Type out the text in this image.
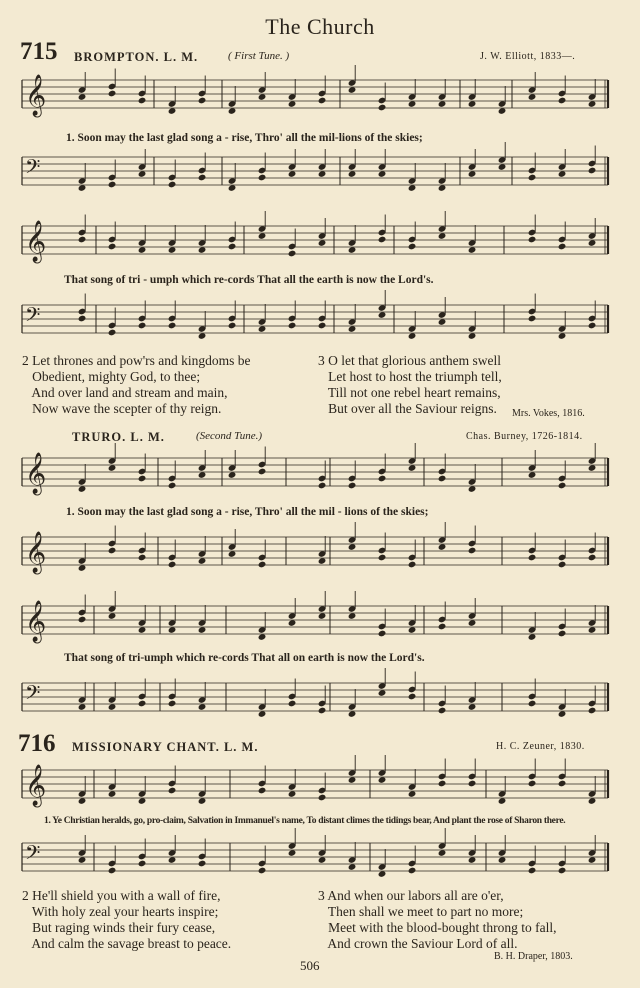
The Church
715 BROMPTON. L. M.	( First Tune. )	J. W. Elliott, 1833—.
𝄞
𝄢
𝄞
𝄢
𝄞
𝄞
𝄞
𝄢
𝄞
𝄢
1. Soon may the last glad song a - rise, Thro' all the mil-lions of the skies;
That song of tri - umph which re-cords That all the earth is now the Lord's.
2 Let thrones and pow'rs and kingdoms be
Obedient, mighty God, to thee;
And over land and stream and main,
Now wave the scepter of thy reign.
3 O let that glorious anthem swell
Let host to host the triumph tell,
Till not one rebel heart remains,
But over all the Saviour reigns.	Mrs. Vokes, 1816.
TRURO. L. M.	(Second Tune.)	Chas. Burney, 1726-1814.
1. Soon may the last glad song a - rise, Thro' all the mil - lions of the skies;
That song of tri-umph which re-cords That all on earth is now the Lord's.
716 MISSIONARY CHANT. L. M.	H. C. Zeuner, 1830.
1. Ye Christian heralds, go, pro-claim, Salvation in Immanuel's name, To distant climes the tidings bear, And plant the rose of Sharon there.
2 He'll shield you with a wall of fire,
With holy zeal your hearts inspire;
But raging winds their fury cease,
And calm the savage breast to peace.
3 And when our labors all are o'er,
Then shall we meet to part no more;
Meet with the blood-bought throng to fall,
And crown the Saviour Lord of all.
B. H. Draper, 1803.
506
